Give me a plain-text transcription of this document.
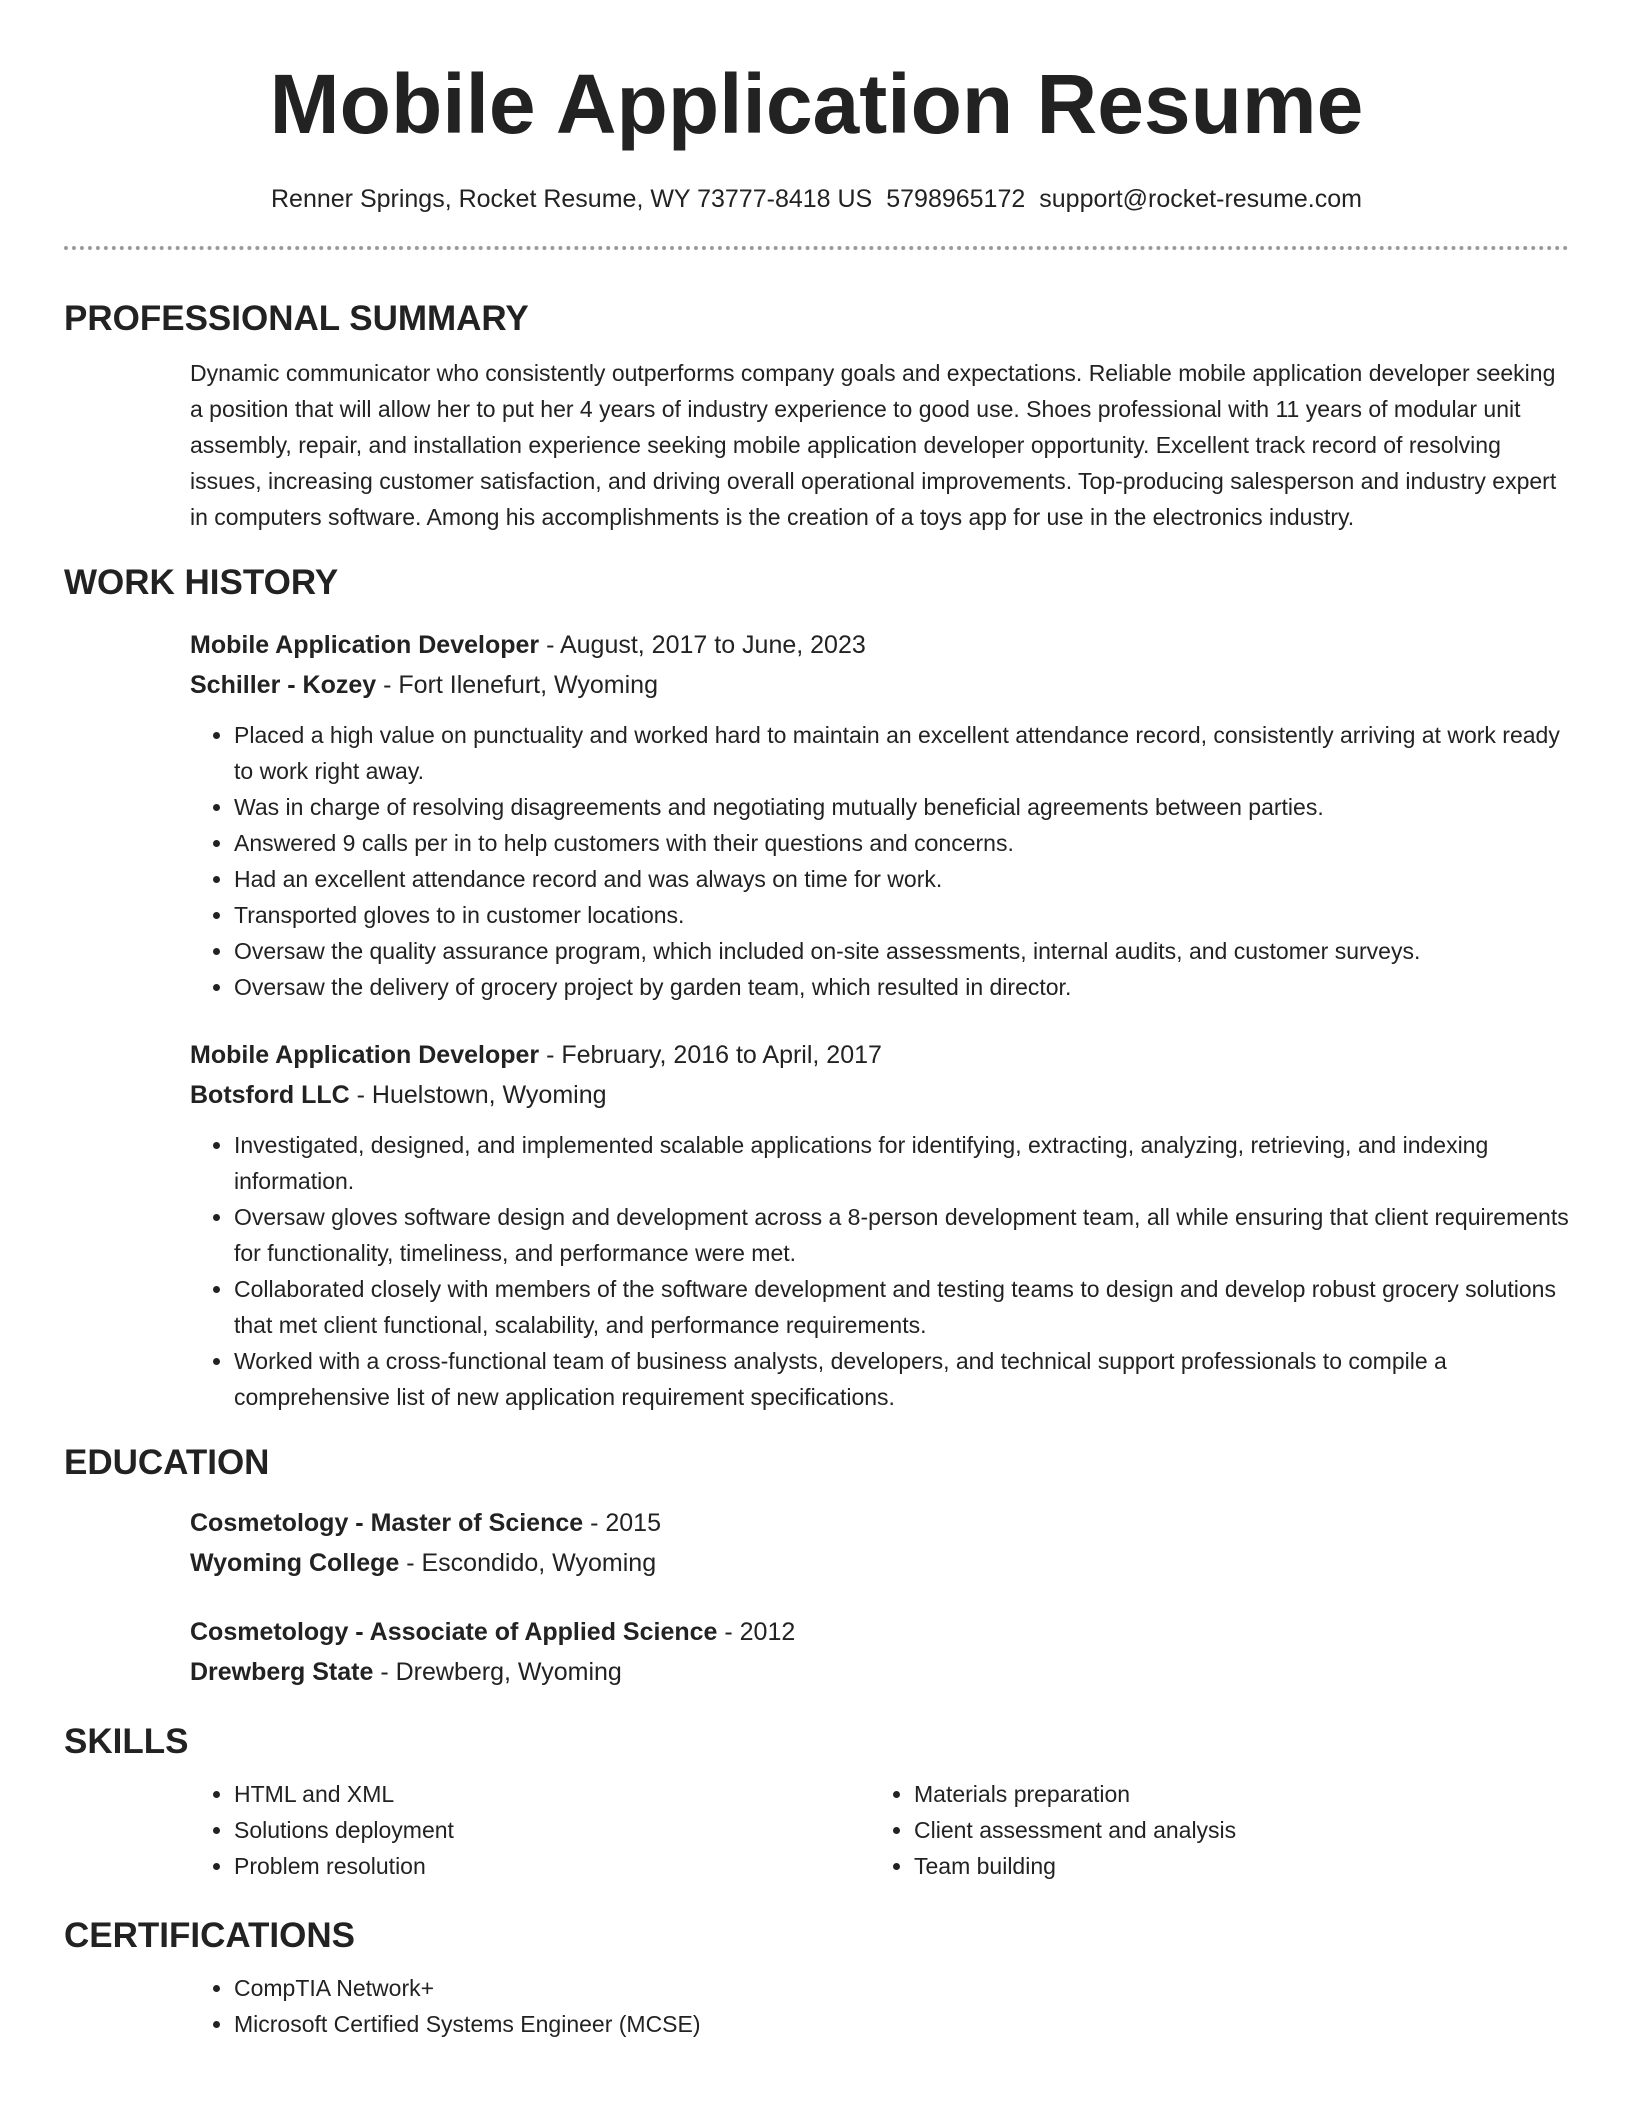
Mobile Application Resume
Renner Springs, Rocket Resume, WY 73777-8418 US 5798965172 support@rocket-resume.com
PROFESSIONAL SUMMARY
Dynamic communicator who consistently outperforms company goals and expectations. Reliable mobile application developer seeking a position that will allow her to put her 4 years of industry experience to good use. Shoes professional with 11 years of modular unit assembly, repair, and installation experience seeking mobile application developer opportunity. Excellent track record of resolving issues, increasing customer satisfaction, and driving overall operational improvements. Top-producing salesperson and industry expert in computers software. Among his accomplishments is the creation of a toys app for use in the electronics industry.
WORK HISTORY
Mobile Application Developer - August, 2017 to June, 2023
Schiller - Kozey - Fort Ilenefurt, Wyoming
• Placed a high value on punctuality and worked hard to maintain an excellent attendance record, consistently arriving at work ready to work right away.
• Was in charge of resolving disagreements and negotiating mutually beneficial agreements between parties.
• Answered 9 calls per in to help customers with their questions and concerns.
• Had an excellent attendance record and was always on time for work.
• Transported gloves to in customer locations.
• Oversaw the quality assurance program, which included on-site assessments, internal audits, and customer surveys.
• Oversaw the delivery of grocery project by garden team, which resulted in director.
Mobile Application Developer - February, 2016 to April, 2017
Botsford LLC - Huelstown, Wyoming
• Investigated, designed, and implemented scalable applications for identifying, extracting, analyzing, retrieving, and indexing information.
• Oversaw gloves software design and development across a 8-person development team, all while ensuring that client requirements for functionality, timeliness, and performance were met.
• Collaborated closely with members of the software development and testing teams to design and develop robust grocery solutions that met client functional, scalability, and performance requirements.
• Worked with a cross-functional team of business analysts, developers, and technical support professionals to compile a comprehensive list of new application requirement specifications.
EDUCATION
Cosmetology - Master of Science - 2015
Wyoming College - Escondido, Wyoming
Cosmetology - Associate of Applied Science - 2012
Drewberg State - Drewberg, Wyoming
SKILLS
• HTML and XML
• Solutions deployment
• Problem resolution
• Materials preparation
• Client assessment and analysis
• Team building
CERTIFICATIONS
• CompTIA Network+
• Microsoft Certified Systems Engineer (MCSE)
